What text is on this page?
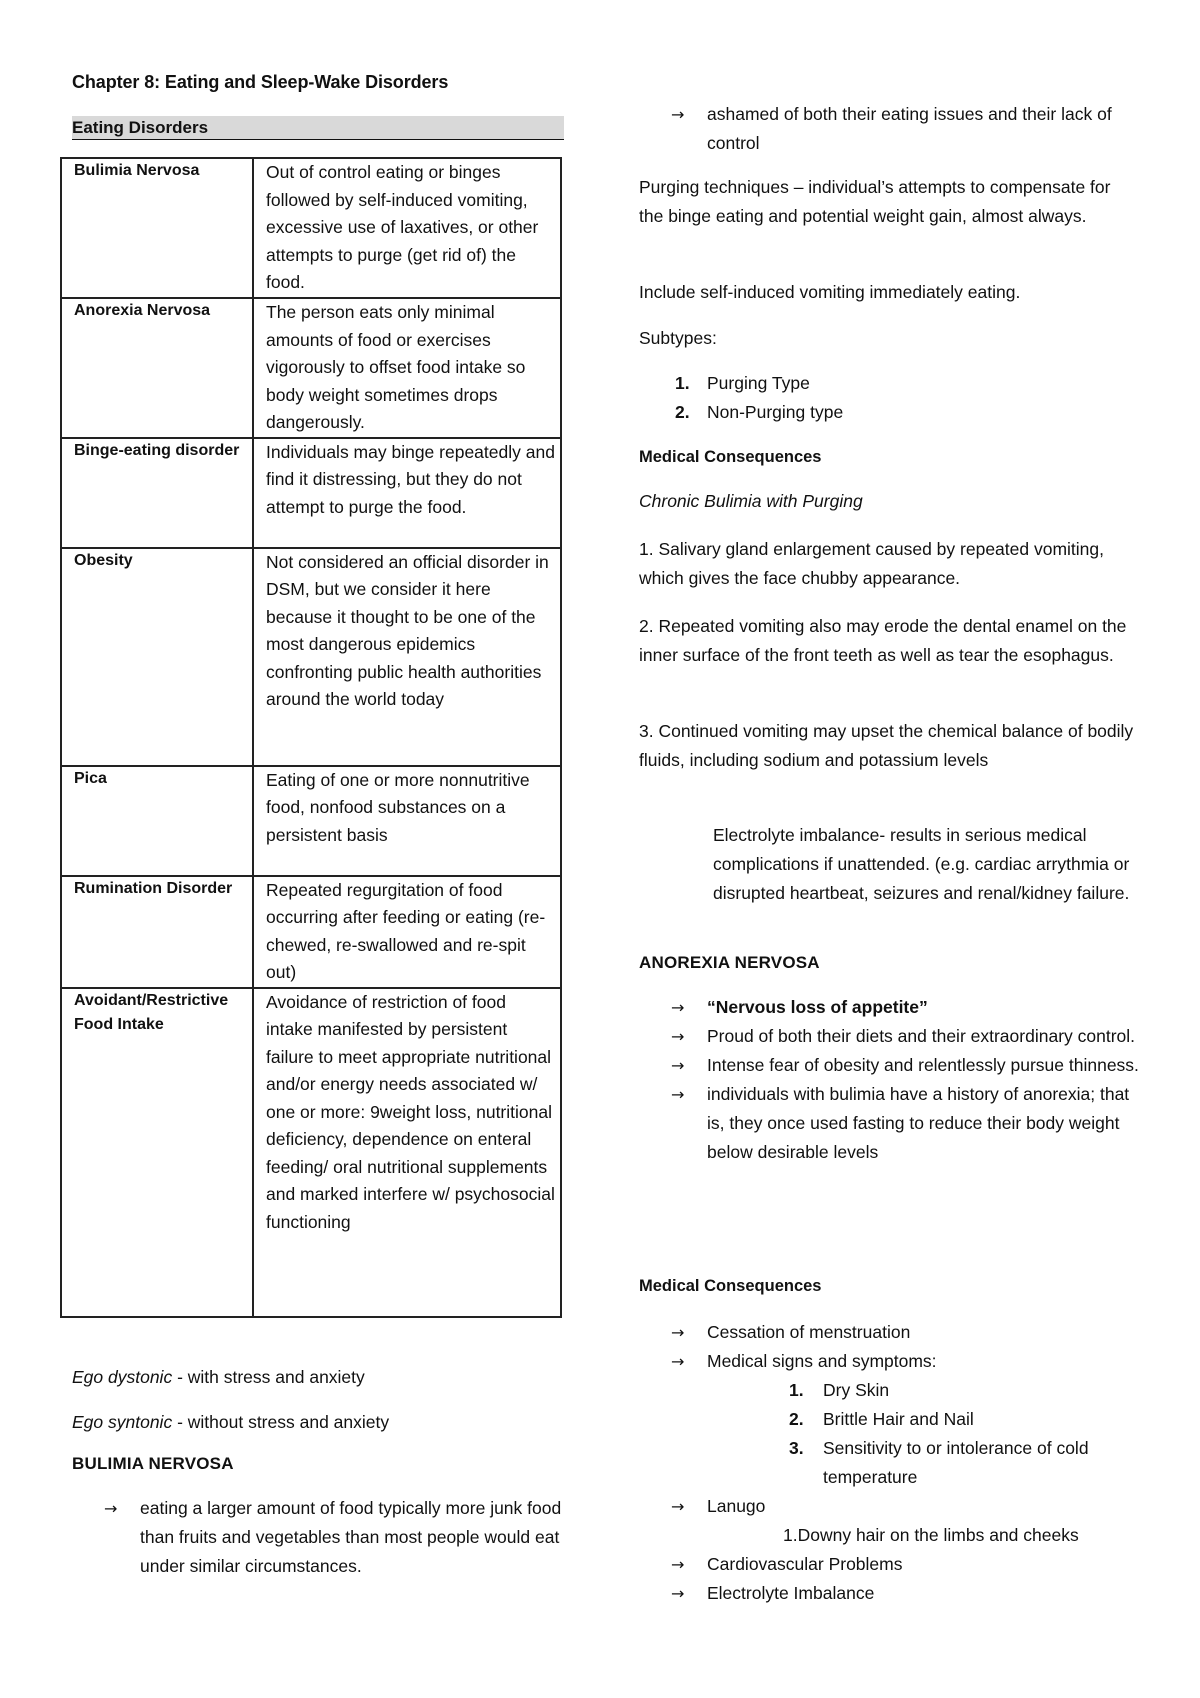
Chapter 8: Eating and Sleep-Wake Disorders
Eating Disorders
Bulimia Nervosa	Out of control eating or binges followed by self-induced vomiting, excessive use of laxatives, or other attempts to purge (get rid of) the food.
Anorexia Nervosa	The person eats only minimal amounts of food or exercises vigorously to offset food intake so body weight sometimes drops dangerously.
Binge-eating disorder	Individuals may binge repeatedly and find it distressing, but they do not attempt to purge the food.
Obesity	Not considered an official disorder in DSM, but we consider it here because it thought to be one of the most dangerous epidemics confronting public health authorities around the world today
Pica	Eating of one or more nonnutritive food, nonfood substances on a persistent basis
Rumination Disorder	Repeated regurgitation of food occurring after feeding or eating (re-chewed, re-swallowed and re-spit out)
Avoidant/Restrictive Food Intake	Avoidance of restriction of food intake manifested by persistent failure to meet appropriate nutritional and/or energy needs associated w/ one or more: 9weight loss, nutritional deficiency, dependence on enteral feeding/ oral nutritional supplements and marked interfere w/ psychosocial functioning
Ego dystonic - with stress and anxiety
Ego syntonic - without stress and anxiety
BULIMIA NERVOSA
→	eating a larger amount of food typically more junk food than fruits and vegetables than most people would eat under similar circumstances.
→	ashamed of both their eating issues and their lack of control
Purging techniques – individual’s attempts to compensate for the binge eating and potential weight gain, almost always.
Include self-induced vomiting immediately eating.
Subtypes:
1. Purging Type
2. Non-Purging type
Medical Consequences
Chronic Bulimia with Purging
1. Salivary gland enlargement caused by repeated vomiting, which gives the face chubby appearance.
2. Repeated vomiting also may erode the dental enamel on the inner surface of the front teeth as well as tear the esophagus.
3. Continued vomiting may upset the chemical balance of bodily fluids, including sodium and potassium levels
Electrolyte imbalance- results in serious medical complications if unattended. (e.g. cardiac arrythmia or disrupted heartbeat, seizures and renal/kidney failure.
ANOREXIA NERVOSA
→	“Nervous loss of appetite”
→	Proud of both their diets and their extraordinary control.
→	Intense fear of obesity and relentlessly pursue thinness.
→	individuals with bulimia have a history of anorexia; that is, they once used fasting to reduce their body weight below desirable levels
Medical Consequences
→	Cessation of menstruation
→	Medical signs and symptoms:
1.	Dry Skin
2.	Brittle Hair and Nail
3.	Sensitivity to or intolerance of cold temperature
→	Lanugo
1.Downy hair on the limbs and cheeks
→	Cardiovascular Problems
→	Electrolyte Imbalance
